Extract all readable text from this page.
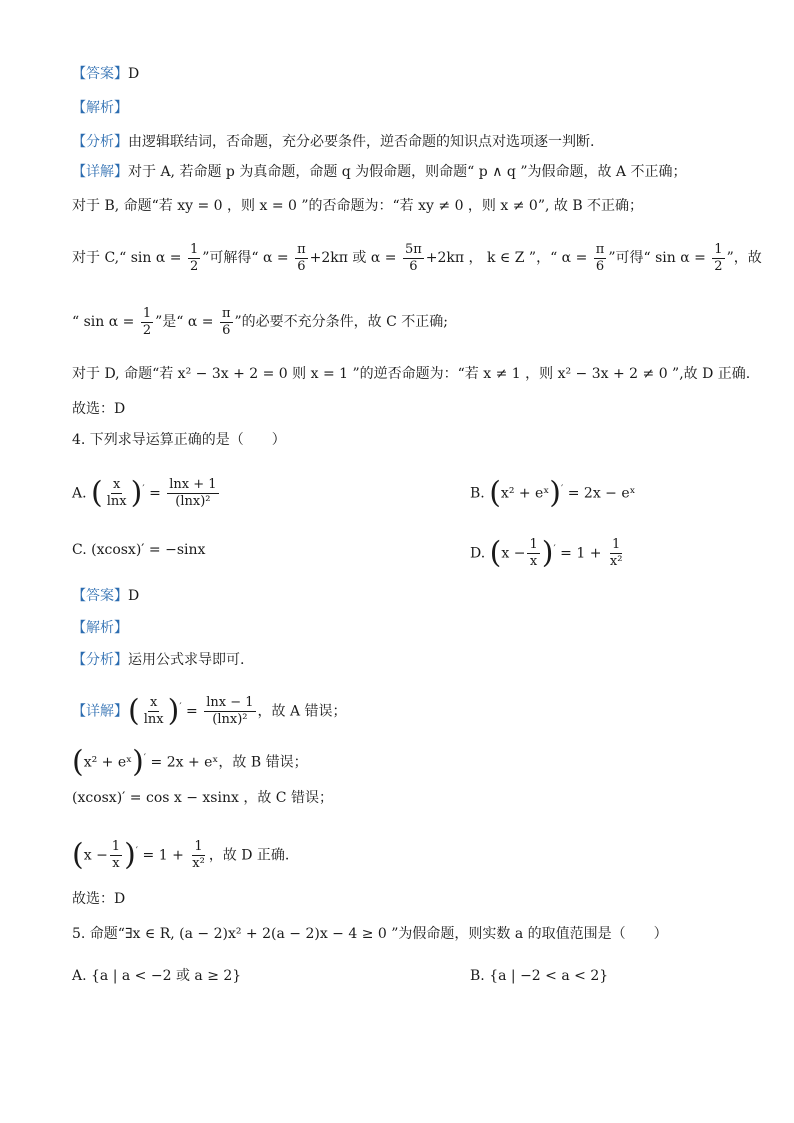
【答案】D
【解析】
【分析】由逻辑联结词，否命题，充分必要条件，逆否命题的知识点对选项逐一判断.
【详解】对于 A, 若命题 p 为真命题，命题 q 为假命题，则命题“ p ∧ q ”为假命题，故 A 不正确；
对于 B, 命题“若 xy = 0 ，则 x = 0 ”的否命题为：“若 xy ≠ 0 ，则 x ≠ 0”, 故 B 不正确；
对于 C,“ $\sin \alpha = \frac{1}{2}$ ”可解得“ $\alpha = \frac{\pi}{6} +2k\pi$ 或 $\alpha = \frac{5\pi}{6} +2k\pi$ ， k ∈ Z ”，“ $\alpha = \frac{\pi}{6}$ ”可得“ $\sin \alpha = \frac{1}{2}$ ”，故
“ $\sin \alpha = \frac{1}{2}$ ”是“ $\alpha = \frac{\pi}{6}$ ”的必要不充分条件，故 C 不正确;
对于 D, 命题“若 x² − 3x + 2 = 0 则 x = 1 ”的逆否命题为：“若 x ≠ 1 ，则 x² − 3x + 2 ≠ 0 ”,故 D 正确.
故选：D
4. 下列求导运算正确的是（　　）
A. ( $\frac{x}{\ln x} )' = \frac{\ln x + 1}{\text{(lnx)²}}$	B. (x² + eˣ)′ = 2x − eˣ
C. (xcosx)′ = −sinx	D. $(x - \frac{1}{x} )' = 1 + \frac{1}{\text{x²}}$
【答案】D
【解析】
【分析】运用公式求导即可.
【详解】( $\frac{x}{\ln x} )' = \frac{\ln x - 1}{\text{(lnx)²}}$ ，故 A 错误；
(x² + eˣ)′ = 2x + eˣ，故 B 错误；
(xcosx)′ = cos x − xsinx ，故 C 错误；
$(x - \frac{1}{x} )' = 1 + \frac{1}{\text{x²}}$ ，故 D 正确.
故选：D
5. 命题“∃x ∈ R, (a − 2)x² + 2(a − 2)x − 4 ≥ 0 ”为假命题，则实数 a 的取值范围是（　　）
A. {a | a < −2 或 a ≥ 2}	B. {a | −2 < a < 2}
